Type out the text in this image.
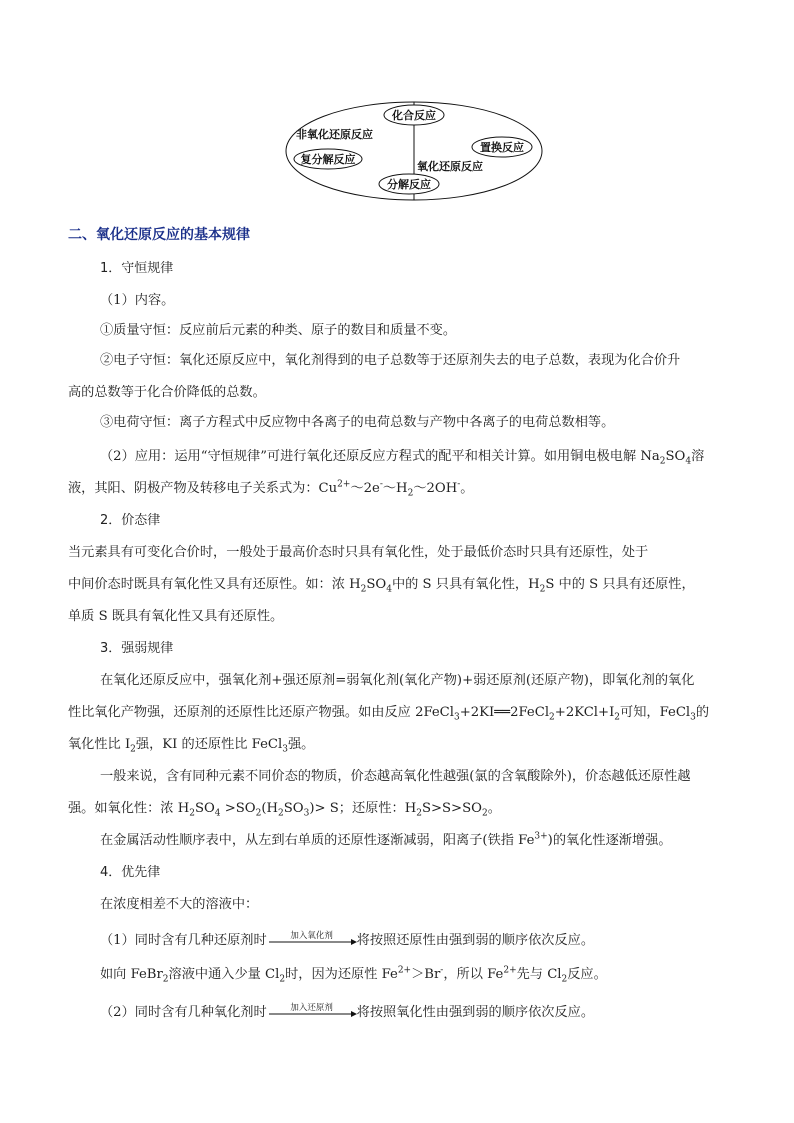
化合反应
非氧化还原反应
复分解反应
置换反应
氧化还原反应
分解反应
二、氧化还原反应的基本规律
1．守恒规律
（1）内容。
①质量守恒：反应前后元素的种类、原子的数目和质量不变。
②电子守恒：氧化还原反应中，氧化剂得到的电子总数等于还原剂失去的电子总数，表现为化合价升
高的总数等于化合价降低的总数。
③电荷守恒：离子方程式中反应物中各离子的电荷总数与产物中各离子的电荷总数相等。
（2）应用：运用“守恒规律”可进行氧化还原反应方程式的配平和相关计算。如用铜电极电解 $Na_2SO_4$溶
液，其阳、阴极产物及转移电子关系式为：$Cu^{2+}\sim 2e^-\sim H_2\sim 2OH^-$。
2．价态律
当元素具有可变化合价时，一般处于最高价态时只具有氧化性，处于最低价态时只具有还原性，处于
中间价态时既具有氧化性又具有还原性。如：浓 $H_2SO_4$中的 S 只具有氧化性，$H_2S$ 中的 S 只具有还原性，
单质 S 既具有氧化性又具有还原性。
3．强弱规律
在氧化还原反应中，强氧化剂+强还原剂=弱氧化剂(氧化产物)+弱还原剂(还原产物)，即氧化剂的氧化
性比氧化产物强，还原剂的还原性比还原产物强。如由反应 $2FeCl_3+2KI══2FeCl_2+2KCl+I_2$可知，FeCl$_3$的
氧化性比 $I_2$强，KI 的还原性比 FeCl$_3$强。
一般来说，含有同种元素不同价态的物质，价态越高氧化性越强(氯的含氧酸除外)，价态越低还原性越
强。如氧化性：浓 $H_2SO_4 >SO_2(H_2SO_3)> S$；还原性：$H_2S>S>SO_2$。
在金属活动性顺序表中，从左到右单质的还原性逐渐减弱，阳离子(铁指 $Fe^{3+}$)的氧化性逐渐增强。
4．优先律
在浓度相差不大的溶液中：
（1）同时含有几种还原剂时	加入氧化剂	将按照还原性由强到弱的顺序依次反应。
如向 FeBr$_2$溶液中通入少量 $Cl_2$时，因为还原性 $Fe^{2+}>Br^-$，所以 $Fe^{2+}$先与 $Cl_2$反应。
（2）同时含有几种氧化剂时	加入还原剂	将按照氧化性由强到弱的顺序依次反应。
